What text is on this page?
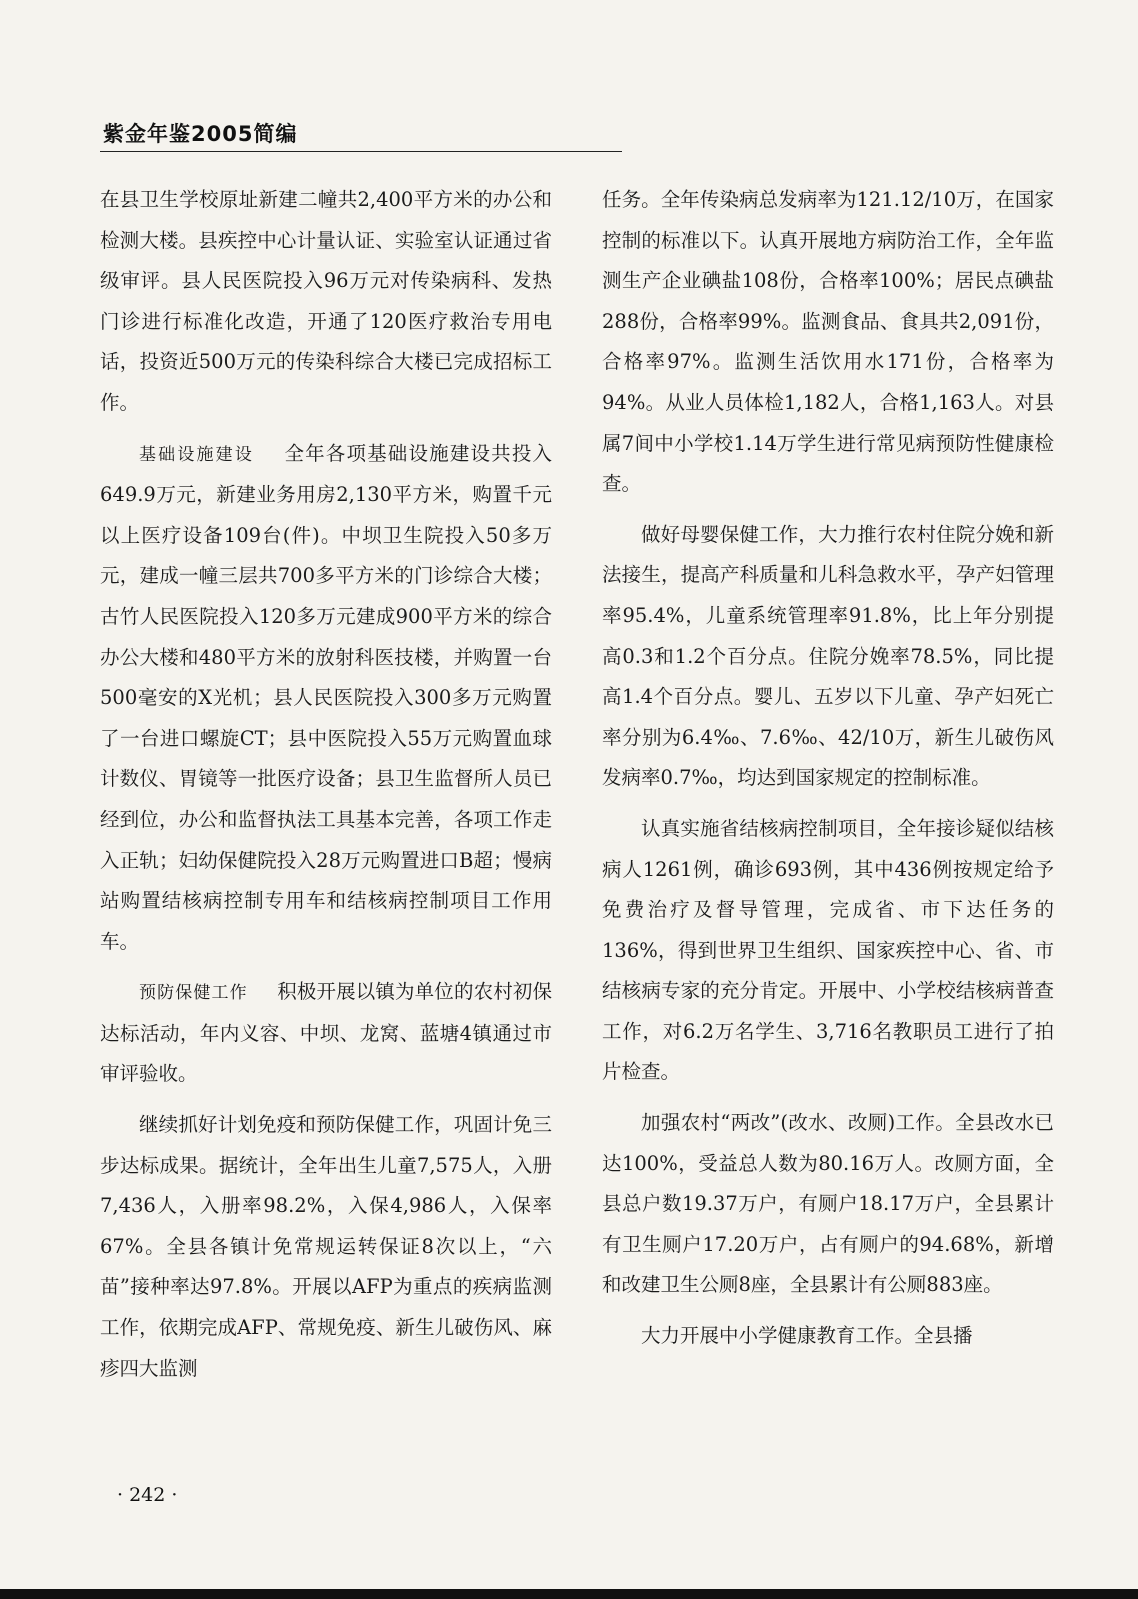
紫金年鉴2005简编

在县卫生学校原址新建二幢共2,400平方米的办公和检测大楼。县疾控中心计量认证、实验室认证通过省级审评。县人民医院投入96万元对传染病科、发热门诊进行标准化改造，开通了120医疗救治专用电话，投资近500万元的传染科综合大楼已完成招标工作。

基础设施建设 全年各项基础设施建设共投入649.9万元，新建业务用房2,130平方米，购置千元以上医疗设备109台(件)。中坝卫生院投入50多万元，建成一幢三层共700多平方米的门诊综合大楼；古竹人民医院投入120多万元建成900平方米的综合办公大楼和480平方米的放射科医技楼，并购置一台500毫安的X光机；县人民医院投入300多万元购置了一台进口螺旋CT；县中医院投入55万元购置血球计数仪、胃镜等一批医疗设备；县卫生监督所人员已经到位，办公和监督执法工具基本完善，各项工作走入正轨；妇幼保健院投入28万元购置进口B超；慢病站购置结核病控制专用车和结核病控制项目工作用车。

预防保健工作 积极开展以镇为单位的农村初保达标活动，年内义容、中坝、龙窝、蓝塘4镇通过市审评验收。

继续抓好计划免疫和预防保健工作，巩固计免三步达标成果。据统计，全年出生儿童7,575人，入册7,436人，入册率98.2%，入保4,986人，入保率67%。全县各镇计免常规运转保证8次以上，“六苗”接种率达97.8%。开展以AFP为重点的疾病监测工作，依期完成AFP、常规免疫、新生儿破伤风、麻疹四大监测

任务。全年传染病总发病率为121.12/10万，在国家控制的标准以下。认真开展地方病防治工作，全年监测生产企业碘盐108份，合格率100%；居民点碘盐288份，合格率99%。监测食品、食具共2,091份，合格率97%。监测生活饮用水171份，合格率为94%。从业人员体检1,182人，合格1,163人。对县属7间中小学校1.14万学生进行常见病预防性健康检查。

做好母婴保健工作，大力推行农村住院分娩和新法接生，提高产科质量和儿科急救水平，孕产妇管理率95.4%，儿童系统管理率91.8%，比上年分别提高0.3和1.2个百分点。住院分娩率78.5%，同比提高1.4个百分点。婴儿、五岁以下儿童、孕产妇死亡率分别为6.4‰、7.6‰、42/10万，新生儿破伤风发病率0.7‰，均达到国家规定的控制标准。

认真实施省结核病控制项目，全年接诊疑似结核病人1261例，确诊693例，其中436例按规定给予免费治疗及督导管理，完成省、市下达任务的136%，得到世界卫生组织、国家疾控中心、省、市结核病专家的充分肯定。开展中、小学校结核病普查工作，对6.2万名学生、3,716名教职员工进行了拍片检查。

加强农村“两改”(改水、改厕)工作。全县改水已达100%，受益总人数为80.16万人。改厕方面，全县总户数19.37万户，有厕户18.17万户，全县累计有卫生厕户17.20万户，占有厕户的94.68%，新增和改建卫生公厕8座，全县累计有公厕883座。

大力开展中小学健康教育工作。全县播

· 242 ·
